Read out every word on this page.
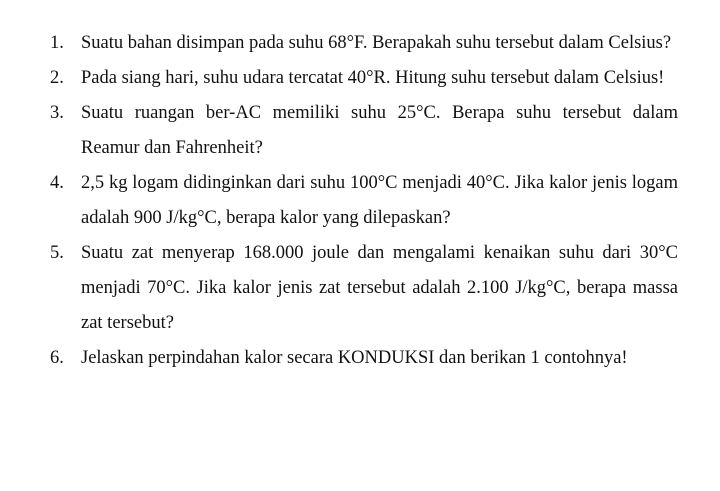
1. Suatu bahan disimpan pada suhu 68°F. Berapakah suhu tersebut dalam Celsius?
2. Pada siang hari, suhu udara tercatat 40°R. Hitung suhu tersebut dalam Celsius!
3. Suatu ruangan ber-AC memiliki suhu 25°C. Berapa suhu tersebut dalam Reamur dan Fahrenheit?
4. 2,5 kg logam didinginkan dari suhu 100°C menjadi 40°C. Jika kalor jenis logam adalah 900 J/kg°C, berapa kalor yang dilepaskan?
5. Suatu zat menyerap 168.000 joule dan mengalami kenaikan suhu dari 30°C menjadi 70°C. Jika kalor jenis zat tersebut adalah 2.100 J/kg°C, berapa massa zat tersebut?
6. Jelaskan perpindahan kalor secara KONDUKSI dan berikan 1 contohnya!
